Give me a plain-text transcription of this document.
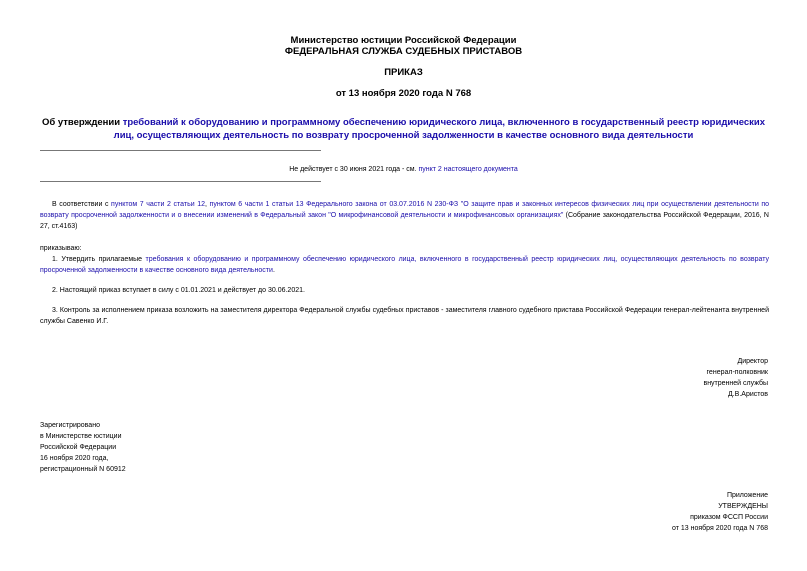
Министерство юстиции Российской Федерации
ФЕДЕРАЛЬНАЯ СЛУЖБА СУДЕБНЫХ ПРИСТАВОВ
ПРИКАЗ
от 13 ноября 2020 года N 768
Об утверждении требований к оборудованию и программному обеспечению юридического лица, включенного в государственный реестр юридических лиц, осуществляющих деятельность по возврату просроченной задолженности в качестве основного вида деятельности
Не действует с 30 июня 2021 года - см. пункт 2 настоящего документа
В соответствии с пунктом 7 части 2 статьи 12, пунктом 6 части 1 статьи 13 Федерального закона от 03.07.2016 N 230-ФЗ "О защите прав и законных интересов физических лиц при осуществлении деятельности по возврату просроченной задолженности и о внесении изменений в Федеральный закон "О микрофинансовой деятельности и микрофинансовых организациях" (Собрание законодательства Российской Федерации, 2016, N 27, ст.4163)
приказываю:
1. Утвердить прилагаемые требования к оборудованию и программному обеспечению юридического лица, включенного в государственный реестр юридических лиц, осуществляющих деятельность по возврату просроченной задолженности в качестве основного вида деятельности.
2. Настоящий приказ вступает в силу с 01.01.2021 и действует до 30.06.2021.
3. Контроль за исполнением приказа возложить на заместителя директора Федеральной службы судебных приставов - заместителя главного судебного пристава Российской Федерации генерал-лейтенанта внутренней службы Савенко И.Г.
Директор
генерал-полковник
внутренней службы
Д.В.Аристов
Зарегистрировано
в Министерстве юстиции
Российской Федерации
16 ноября 2020 года,
регистрационный N 60912
Приложение
УТВЕРЖДЕНЫ
приказом ФССП России
от 13 ноября 2020 года N 768
